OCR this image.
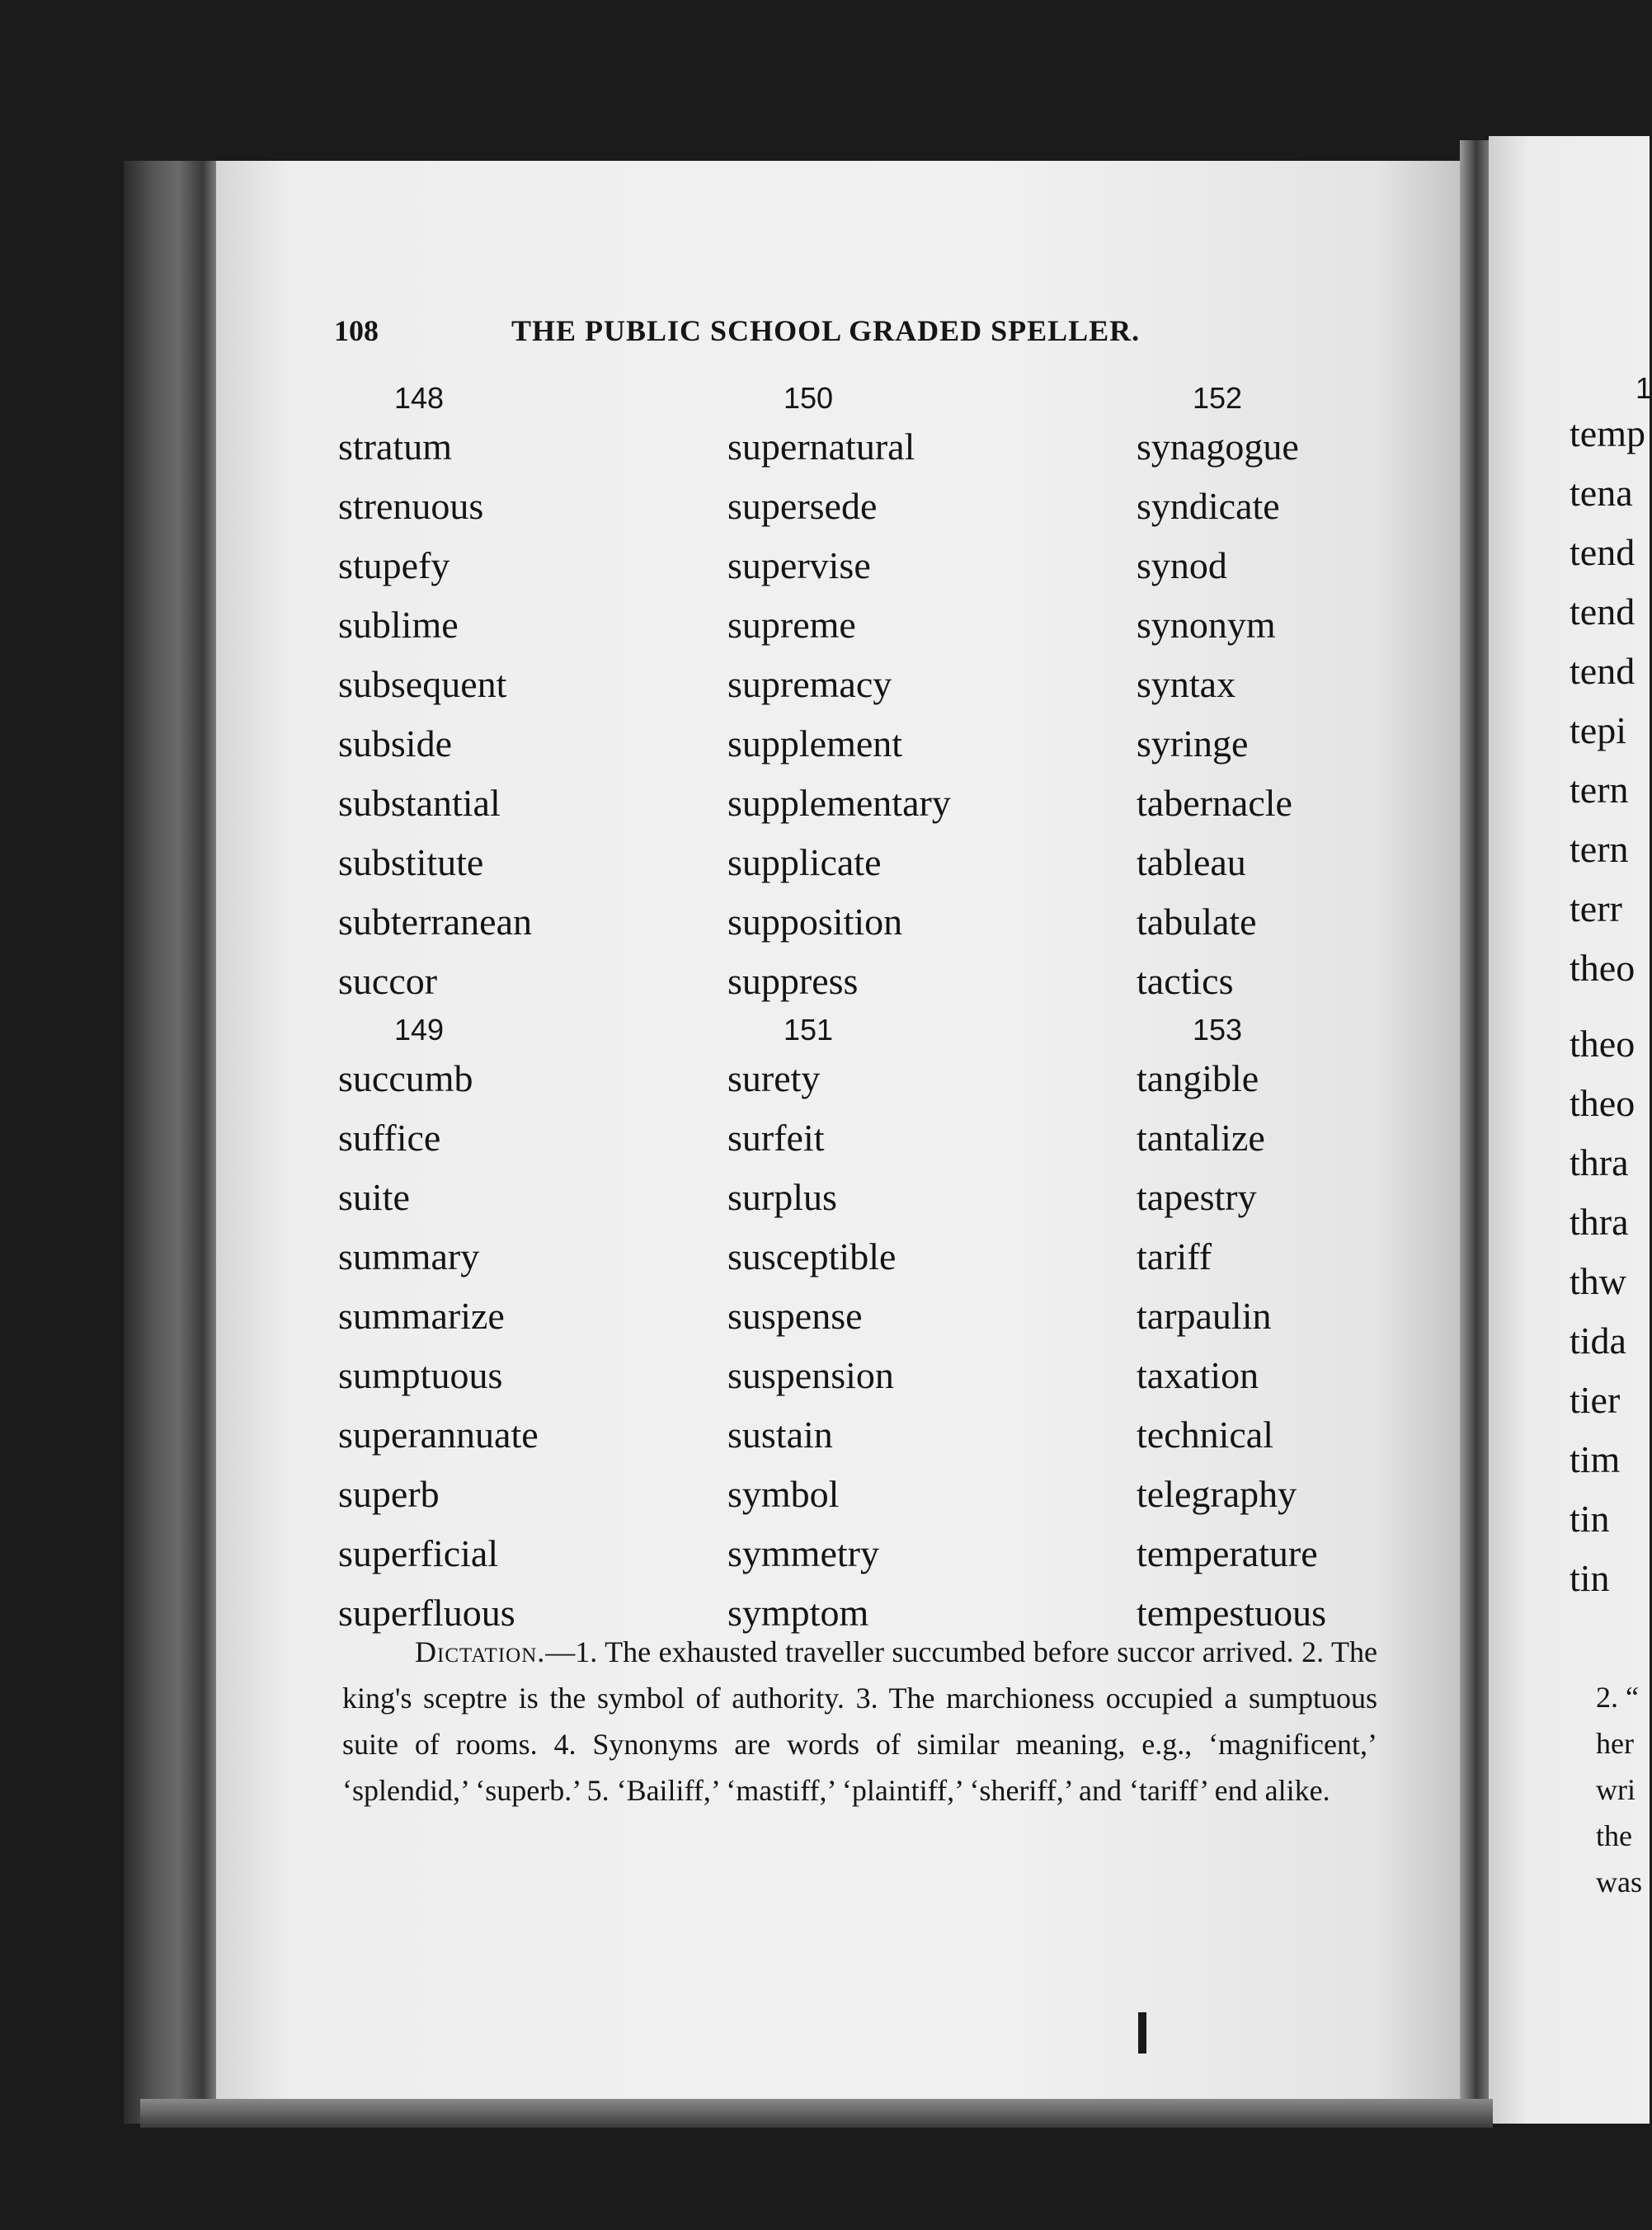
108	THE PUBLIC SCHOOL GRADED SPELLER.
148
stratum
strenuous
stupefy
sublime
subsequent
subside
substantial
substitute
subterranean
succor
149
succumb
suffice
suite
summary
summarize
sumptuous
superannuate
superb
superficial
superfluous
150
supernatural
supersede
supervise
supreme
supremacy
supplement
supplementary
supplicate
supposition
suppress
151
surety
surfeit
surplus
susceptible
suspense
suspension
sustain
symbol
symmetry
symptom
152
synagogue
syndicate
synod
synonym
syntax
syringe
tabernacle
tableau
tabulate
tactics
153
tangible
tantalize
tapestry
tariff
tarpaulin
taxation
technical
telegraphy
temperature
tempestuous
Dictation.—1. The exhausted traveller succumbed before succor arrived. 2. The king's sceptre is the symbol of authority. 3. The marchioness occupied a sumptuous suite of rooms. 4. Synonyms are words of similar meaning, e.g., ‘magnificent,’ ‘splendid,’ ‘superb.’ 5. ‘Bailiff,’ ‘mastiff,’ ‘plaintiff,’ ‘sheriff,’ and ‘tariff’ end alike.
1
temp
tena
tend
tend
tend
tepi
tern
tern
terr
theo
theo
theo
thra
thra
thw
tida
tier
tim
tin
tin
2. “
her
wri
the
was
